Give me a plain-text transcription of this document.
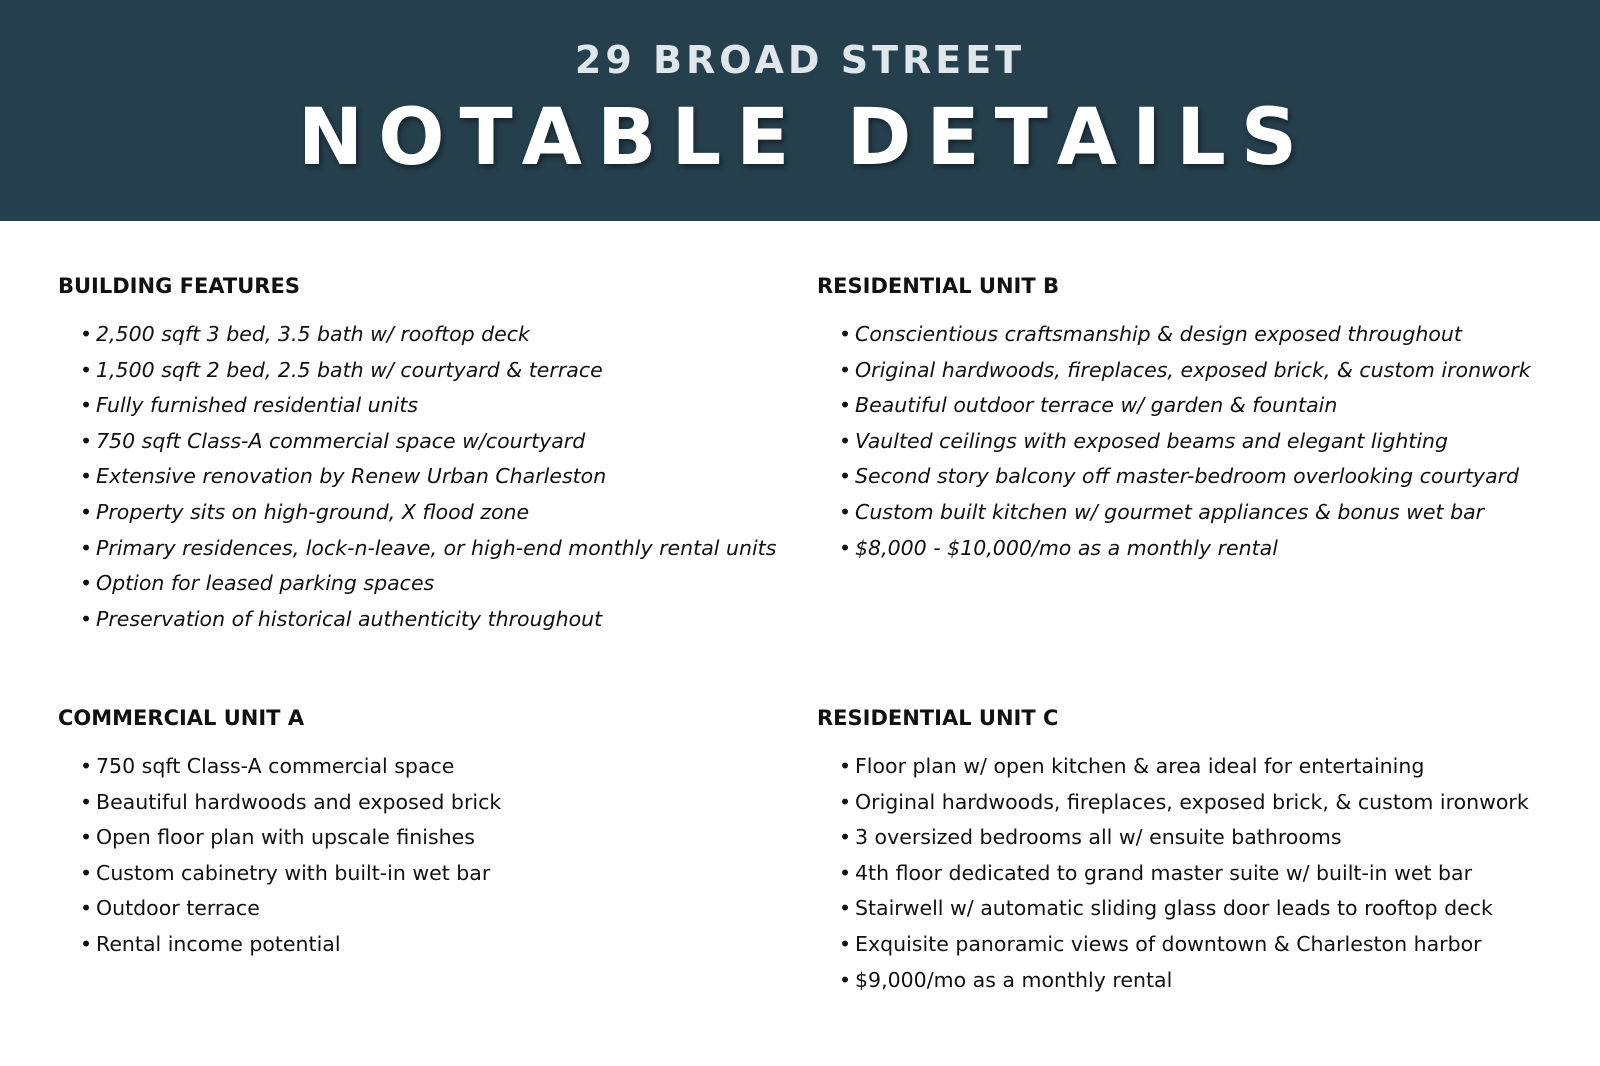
29 BROAD STREET
NOTABLE DETAILS
BUILDING FEATURES
• 2,500 sqft 3 bed, 3.5 bath w/ rooftop deck
• 1,500 sqft 2 bed, 2.5 bath w/ courtyard & terrace
• Fully furnished residential units
• 750 sqft Class-A commercial space w/courtyard
• Extensive renovation by Renew Urban Charleston
• Property sits on high-ground, X flood zone
• Primary residences, lock-n-leave, or high-end monthly rental units
• Option for leased parking spaces
• Preservation of historical authenticity throughout
RESIDENTIAL UNIT B
• Conscientious craftsmanship & design exposed throughout
• Original hardwoods, fireplaces, exposed brick, & custom ironwork
• Beautiful outdoor terrace w/ garden & fountain
• Vaulted ceilings with exposed beams and elegant lighting
• Second story balcony off master-bedroom overlooking courtyard
• Custom built kitchen w/ gourmet appliances & bonus wet bar
• $8,000 - $10,000/mo as a monthly rental
COMMERCIAL UNIT A
• 750 sqft Class-A commercial space
• Beautiful hardwoods and exposed brick
• Open floor plan with upscale finishes
• Custom cabinetry with built-in wet bar
• Outdoor terrace
• Rental income potential
RESIDENTIAL UNIT C
• Floor plan w/ open kitchen & area ideal for entertaining
• Original hardwoods, fireplaces, exposed brick, & custom ironwork
• 3 oversized bedrooms all w/ ensuite bathrooms
• 4th floor dedicated to grand master suite w/ built-in wet bar
• Stairwell w/ automatic sliding glass door leads to rooftop deck
• Exquisite panoramic views of downtown & Charleston harbor
• $9,000/mo as a monthly rental
